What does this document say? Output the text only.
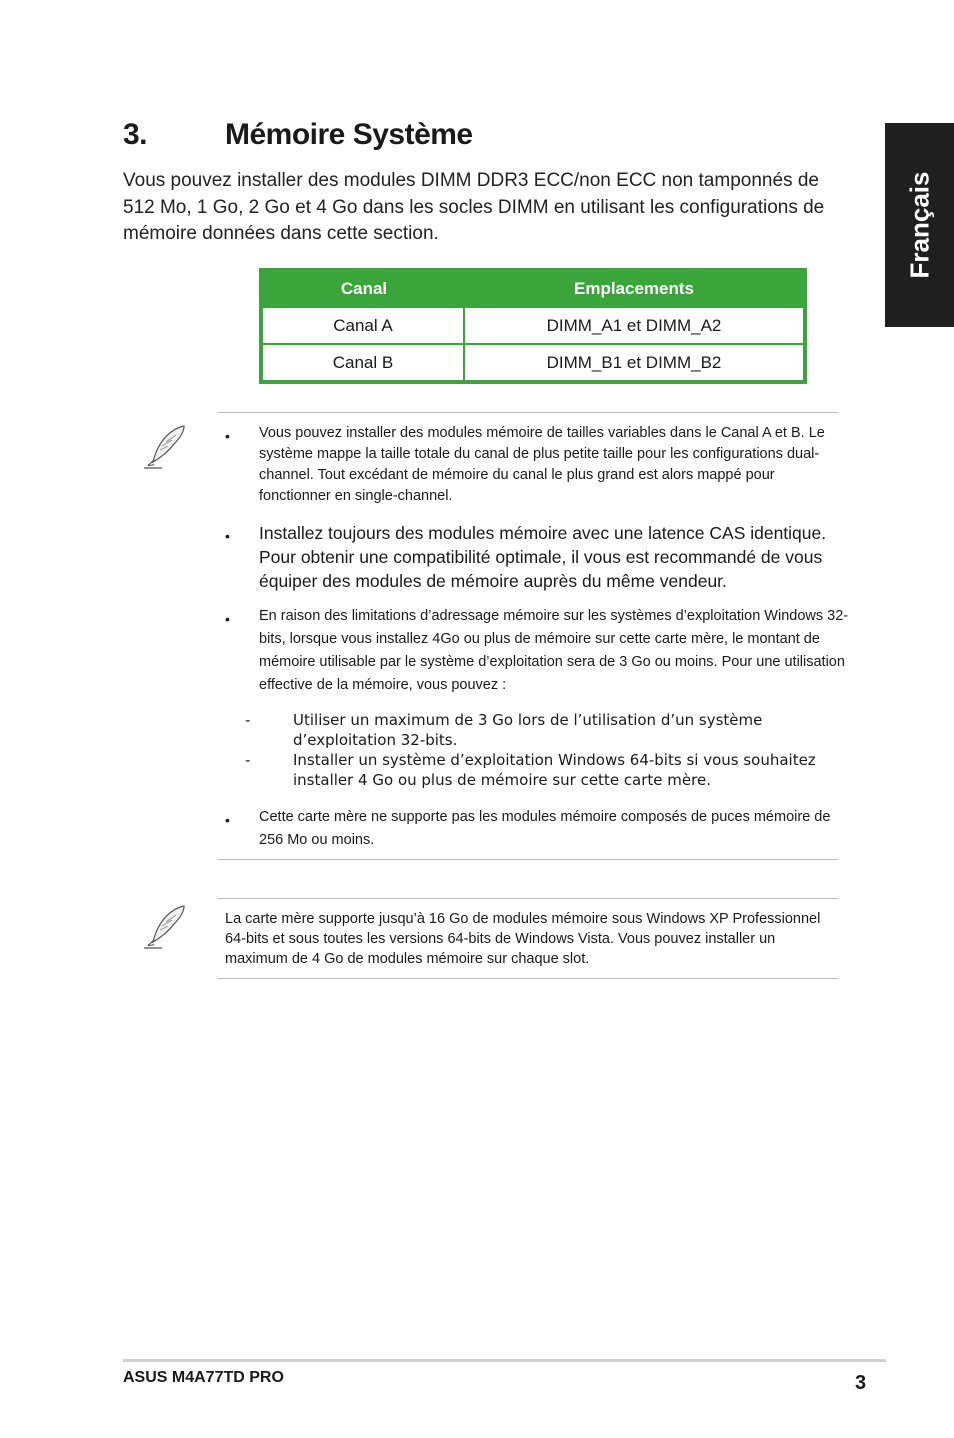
Français
3.	Mémoire Système
Vous pouvez installer des modules DIMM DDR3 ECC/non ECC non tamponnés de 512 Mo, 1 Go, 2 Go et 4 Go dans les socles DIMM en utilisant les configurations de mémoire données dans cette section.
Canal	Emplacements
Canal A	DIMM_A1 et DIMM_A2
Canal B	DIMM_B1 et DIMM_B2
• Vous pouvez installer des modules mémoire de tailles variables dans le Canal A et B. Le système mappe la taille totale du canal de plus petite taille pour les configurations dual-channel. Tout excédant de mémoire du canal le plus grand est alors mappé pour fonctionner en single-channel.
• Installez toujours des modules mémoire avec une latence CAS identique. Pour obtenir une compatibilité optimale, il vous est recommandé de vous équiper des modules de mémoire auprès du même vendeur.
• En raison des limitations d’adressage mémoire sur les systèmes d’exploitation Windows 32-bits, lorsque vous installez 4Go ou plus de mémoire sur cette carte mère, le montant de mémoire utilisable par le système d’exploitation sera de 3 Go ou moins. Pour une utilisation effective de la mémoire, vous pouvez :
-	Utiliser un maximum de 3 Go lors de l’utilisation d’un système d’exploitation 32-bits.
-	Installer un système d’exploitation Windows 64-bits si vous souhaitez installer 4 Go ou plus de mémoire sur cette carte mère.
• Cette carte mère ne supporte pas les modules mémoire composés de puces mémoire de 256 Mo ou moins.
La carte mère supporte jusqu’à 16 Go de modules mémoire sous Windows XP Professionnel 64-bits et sous toutes les versions 64-bits de Windows Vista. Vous pouvez installer un maximum de 4 Go de modules mémoire sur chaque slot.
ASUS M4A77TD PRO	3
